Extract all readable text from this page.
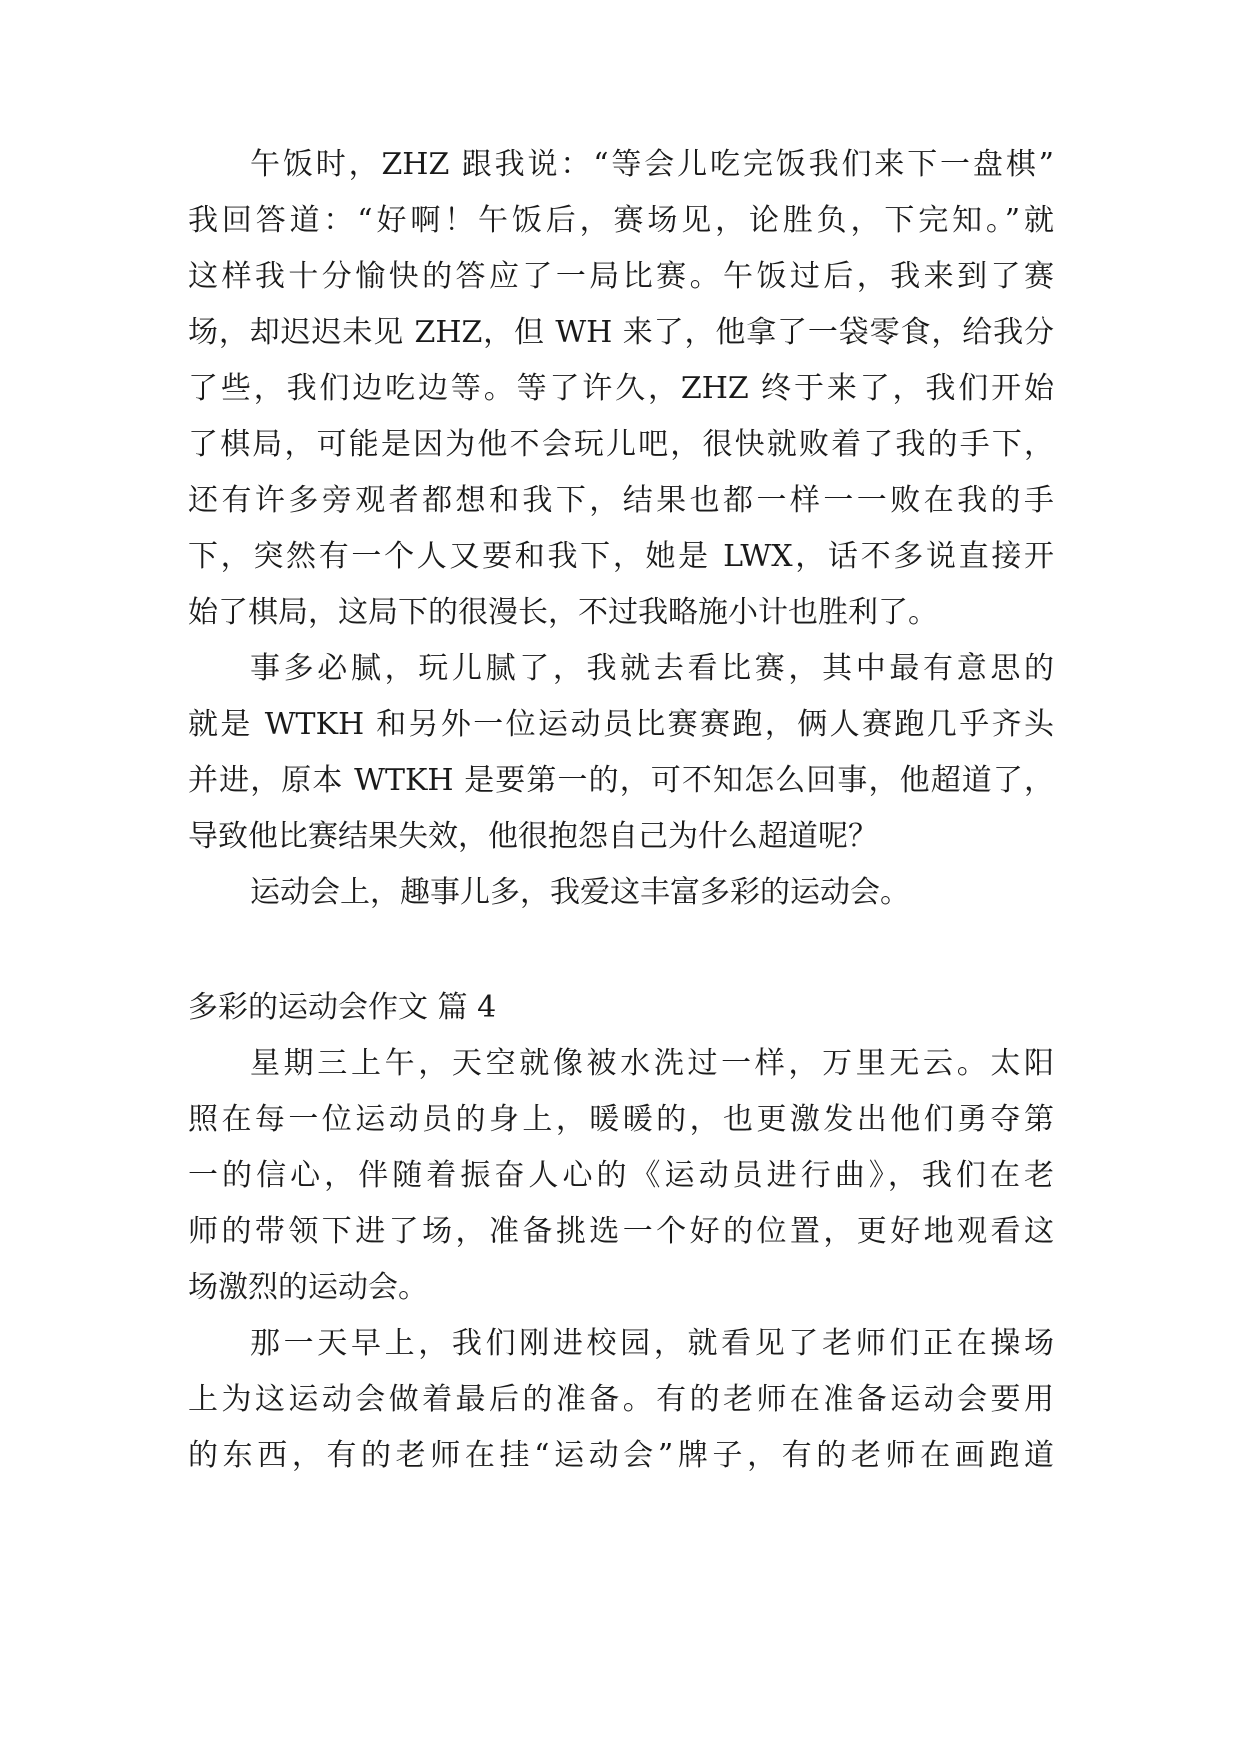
午饭时，ZHZ 跟我说：“等会儿吃完饭我们来下一盘棋”
我回答道：“好啊！午饭后，赛场见，论胜负，下完知。”就
这样我十分愉快的答应了一局比赛。午饭过后，我来到了赛
场，却迟迟未见 ZHZ，但 WH 来了，他拿了一袋零食，给我分
了些，我们边吃边等。等了许久，ZHZ 终于来了，我们开始
了棋局，可能是因为他不会玩儿吧，很快就败着了我的手下，
还有许多旁观者都想和我下，结果也都一样一一败在我的手
下，突然有一个人又要和我下，她是 LWX，话不多说直接开
始了棋局，这局下的很漫长，不过我略施小计也胜利了。
事多必腻，玩儿腻了，我就去看比赛，其中最有意思的
就是 WTKH 和另外一位运动员比赛赛跑，俩人赛跑几乎齐头
并进，原本 WTKH 是要第一的，可不知怎么回事，他超道了，
导致他比赛结果失效，他很抱怨自己为什么超道呢？
运动会上，趣事儿多，我爱这丰富多彩的运动会。
多彩的运动会作文 篇 4
星期三上午，天空就像被水洗过一样，万里无云。太阳
照在每一位运动员的身上，暖暖的，也更激发出他们勇夺第
一的信心，伴随着振奋人心的《运动员进行曲》，我们在老
师的带领下进了场，准备挑选一个好的位置，更好地观看这
场激烈的运动会。
那一天早上，我们刚进校园，就看见了老师们正在操场
上为这运动会做着最后的准备。有的老师在准备运动会要用
的东西，有的老师在挂“运动会”牌子，有的老师在画跑道
